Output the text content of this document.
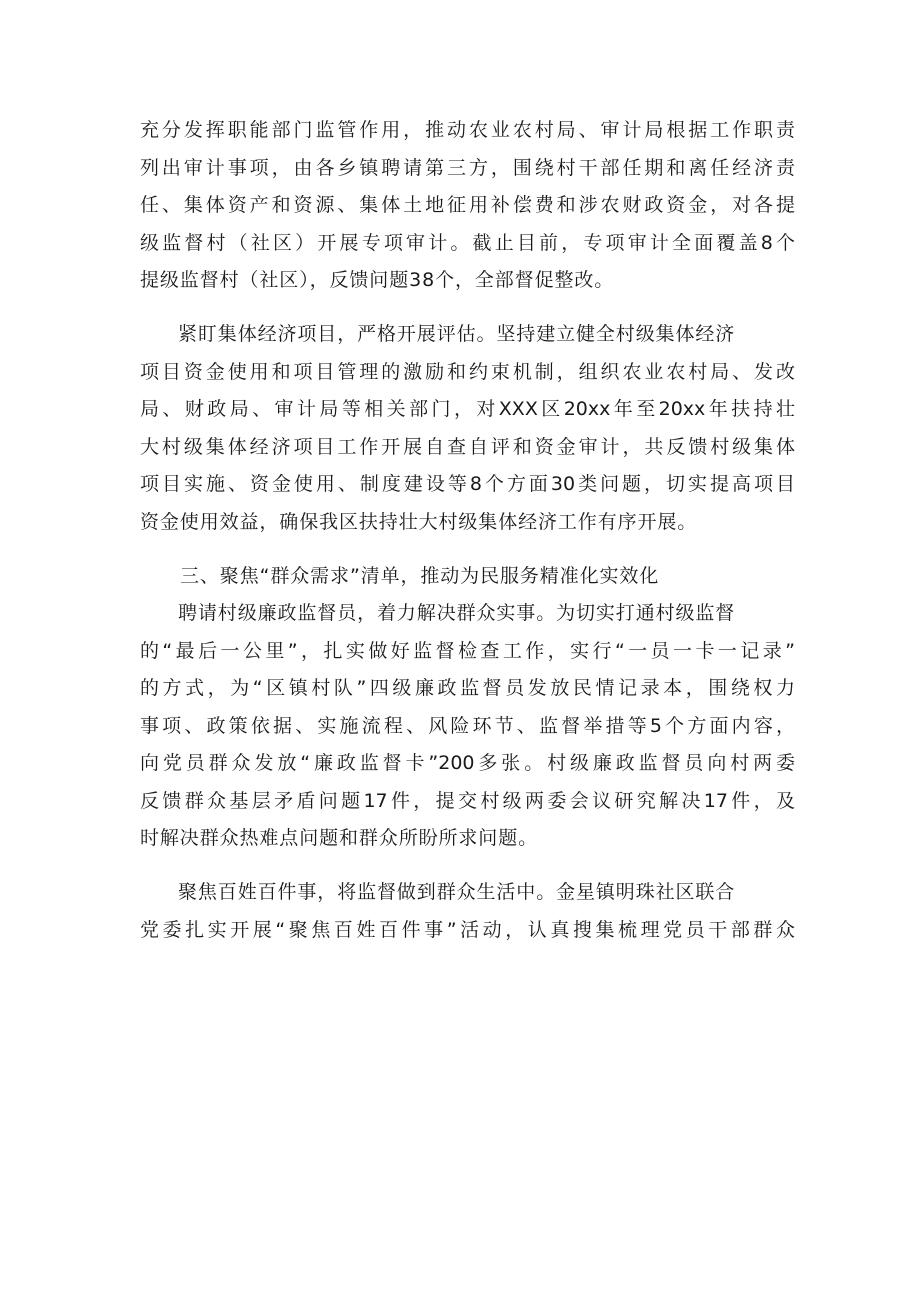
充分发挥职能部门监管作用，推动农业农村局、审计局根据工作职责
列出审计事项，由各乡镇聘请第三方，围绕村干部任期和离任经济责
任、集体资产和资源、集体土地征用补偿费和涉农财政资金，对各提
级监督村（社区）开展专项审计。截止目前，专项审计全面覆盖8个
提级监督村（社区），反馈问题38个，全部督促整改。
紧盯集体经济项目，严格开展评估。坚持建立健全村级集体经济
项目资金使用和项目管理的激励和约束机制，组织农业农村局、发改
局、财政局、审计局等相关部门，对XXX区20xx年至20xx年扶持壮
大村级集体经济项目工作开展自查自评和资金审计，共反馈村级集体
项目实施、资金使用、制度建设等8个方面30类问题，切实提高项目
资金使用效益，确保我区扶持壮大村级集体经济工作有序开展。
三、聚焦“群众需求”清单，推动为民服务精准化实效化
聘请村级廉政监督员，着力解决群众实事。为切实打通村级监督
的“最后一公里”，扎实做好监督检查工作，实行“一员一卡一记录”
的方式，为“区镇村队”四级廉政监督员发放民情记录本，围绕权力
事项、政策依据、实施流程、风险环节、监督举措等5个方面内容，
向党员群众发放“廉政监督卡”200多张。村级廉政监督员向村两委
反馈群众基层矛盾问题17件，提交村级两委会议研究解决17件，及
时解决群众热难点问题和群众所盼所求问题。
聚焦百姓百件事，将监督做到群众生活中。金星镇明珠社区联合
党委扎实开展“聚焦百姓百件事”活动，认真搜集梳理党员干部群众
